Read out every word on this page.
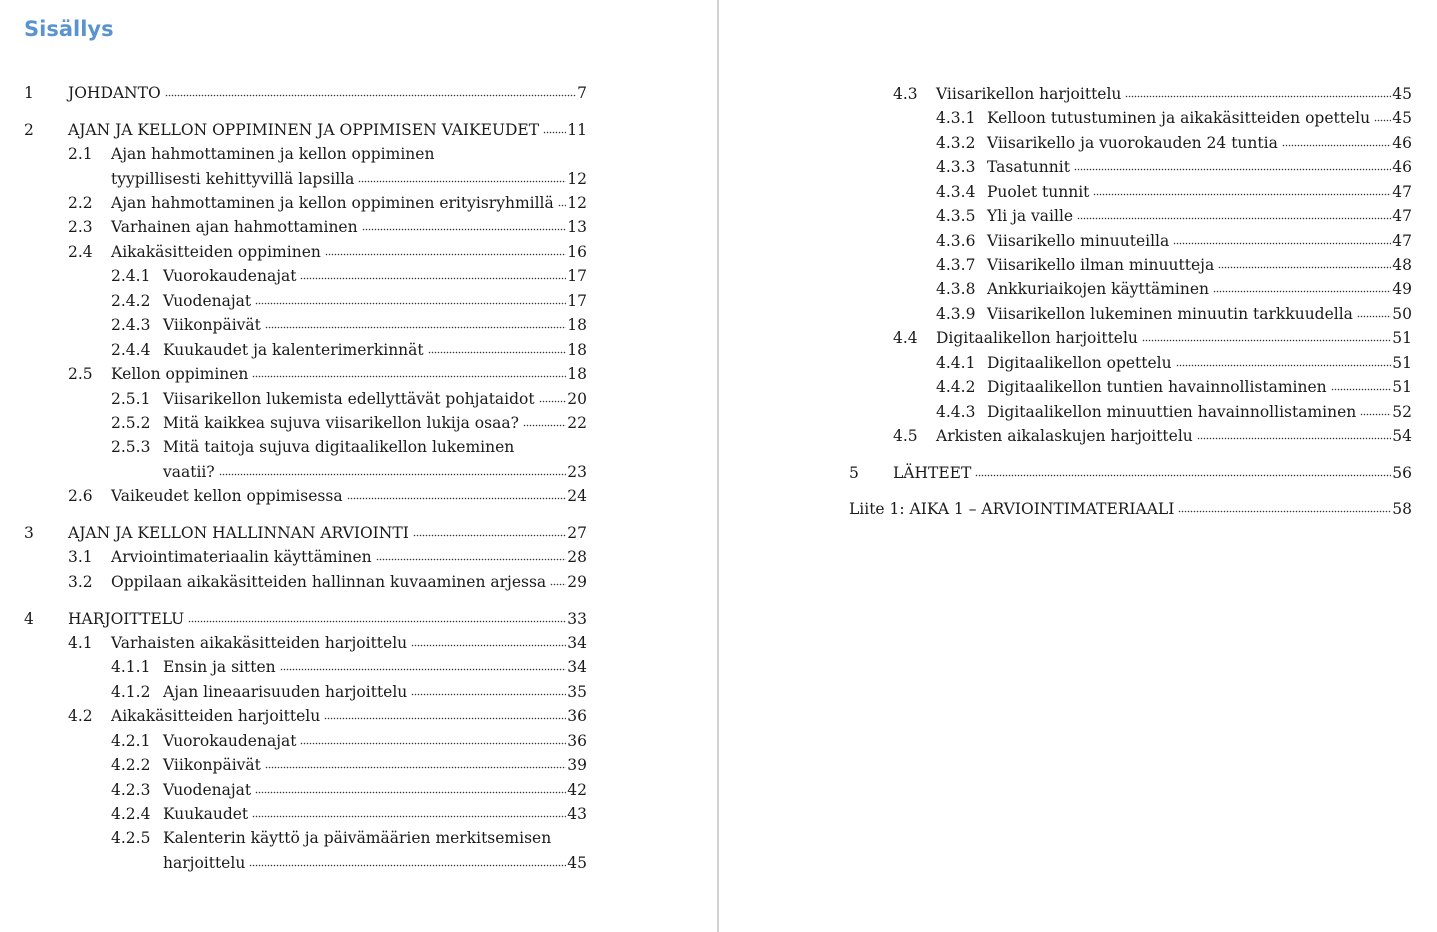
Sisällys
1 JOHDANTO	7
2 AJAN JA KELLON OPPIMINEN JA OPPIMISEN VAIKEUDET 11
2.1 Ajan hahmottaminen ja kellon oppiminen
tyypillisesti kehittyvillä lapsilla	12
2.2 Ajan hahmottaminen ja kellon oppiminen erityisryhmillä 12
2.3 Varhainen ajan hahmottaminen	13
2.4 Aikakäsitteiden oppiminen	16
2.4.1 Vuorokaudenajat	17
2.4.2 Vuodenajat	17
2.4.3 Viikonpäivät	18
2.4.4 Kuukaudet ja kalenterimerkinnät	18
2.5 Kellon oppiminen	18
2.5.1 Viisarikellon lukemista edellyttävät pohjataidot 20
2.5.2 Mitä kaikkea sujuva viisarikellon lukija osaa?	22
2.5.3 Mitä taitoja sujuva digitaalikellon lukeminen
vaatii?	23
2.6 Vaikeudet kellon oppimisessa	24
3 AJAN JA KELLON HALLINNAN ARVIOINTI	27
3.1 Arviointimateriaalin käyttäminen	28
3.2 Oppilaan aikakäsitteiden hallinnan kuvaaminen arjessa 29
4 HARJOITTELU	33
4.1 Varhaisten aikakäsitteiden harjoittelu	34
4.1.1 Ensin ja sitten	34
4.1.2 Ajan lineaarisuuden harjoittelu	35
4.2 Aikakäsitteiden harjoittelu	36
4.2.1 Vuorokaudenajat	36
4.2.2 Viikonpäivät	39
4.2.3 Vuodenajat	42
4.2.4 Kuukaudet	43
4.2.5 Kalenterin käyttö ja päivämäärien merkitsemisen
harjoittelu	45
4.3 Viisarikellon harjoittelu	45
4.3.1 Kelloon tutustuminen ja aikakäsitteiden opettelu 45
4.3.2 Viisarikello ja vuorokauden 24 tuntia	46
4.3.3 Tasatunnit	46
4.3.4 Puolet tunnit	47
4.3.5 Yli ja vaille	47
4.3.6 Viisarikello minuuteilla	47
4.3.7 Viisarikello ilman minuutteja	48
4.3.8 Ankkuriaikojen käyttäminen	49
4.3.9 Viisarikellon lukeminen minuutin tarkkuudella	50
4.4 Digitaalikellon harjoittelu	51
4.4.1 Digitaalikellon opettelu	51
4.4.2 Digitaalikellon tuntien havainnollistaminen	51
4.4.3 Digitaalikellon minuuttien havainnollistaminen 52
4.5 Arkisten aikalaskujen harjoittelu	54
5 LÄHTEET	56
Liite 1: AIKA 1 – ARVIOINTIMATERIAALI	58
